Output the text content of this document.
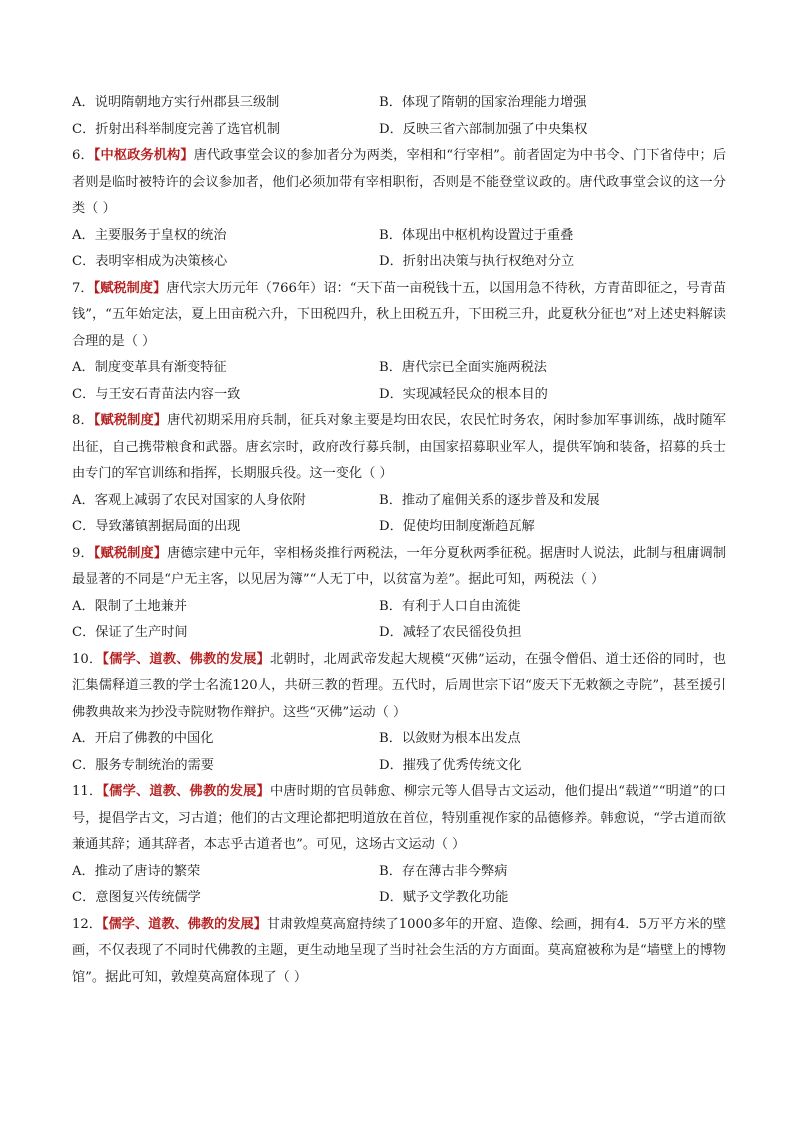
A．说明隋朝地方实行州郡县三级制	B．体现了隋朝的国家治理能力增强
C．折射出科举制度完善了选官机制	D．反映三省六部制加强了中央集权
6．【中枢政务机构】唐代政事堂会议的参加者分为两类，宰相和“行宰相”。前者固定为中书令、门下省侍中；后者则是临时被特许的会议参加者，他们必须加带有宰相职衔，否则是不能登堂议政的。唐代政事堂会议的这一分类（ ）
A．主要服务于皇权的统治	B．体现出中枢机构设置过于重叠
C．表明宰相成为决策核心	D．折射出决策与执行权绝对分立
7．【赋税制度】唐代宗大历元年（766年）诏：“天下苗一亩税钱十五，以国用急不待秋，方青苗即征之，号青苗钱”，“五年始定法，夏上田亩税六升，下田税四升，秋上田税五升，下田税三升，此夏秋分征也”对上述史料解读合理的是（ ）
A．制度变革具有渐变特征	B．唐代宗已全面实施两税法
C．与王安石青苗法内容一致	D．实现减轻民众的根本目的
8．【赋税制度】唐代初期采用府兵制，征兵对象主要是均田农民，农民忙时务农，闲时参加军事训练，战时随军出征，自己携带粮食和武器。唐玄宗时，政府改行募兵制，由国家招募职业军人，提供军饷和装备，招募的兵士由专门的军官训练和指挥，长期服兵役。这一变化（ ）
A．客观上减弱了农民对国家的人身依附	B．推动了雇佣关系的逐步普及和发展
C．导致藩镇割据局面的出现	D．促使均田制度渐趋瓦解
9．【赋税制度】唐德宗建中元年，宰相杨炎推行两税法，一年分夏秋两季征税。据唐时人说法，此制与租庸调制最显著的不同是“户无主客，以见居为簿”“人无丁中，以贫富为差”。据此可知，两税法（ ）
A．限制了土地兼并	B．有利于人口自由流徙
C．保证了生产时间	D．减轻了农民徭役负担
10．【儒学、道教、佛教的发展】北朝时，北周武帝发起大规模“灭佛”运动，在强令僧侣、道士还俗的同时，也汇集儒释道三教的学士名流120人，共研三教的哲理。五代时，后周世宗下诏“废天下无敕额之寺院”，甚至援引佛教典故来为抄没寺院财物作辩护。这些“灭佛”运动（ ）
A．开启了佛教的中国化	B．以敛财为根本出发点
C．服务专制统治的需要	D．摧残了优秀传统文化
11．【儒学、道教、佛教的发展】中唐时期的官员韩愈、柳宗元等人倡导古文运动，他们提出“载道”“明道”的口号，提倡学古文，习古道；他们的古文理论都把明道放在首位，特别重视作家的品德修养。韩愈说，“学古道而欲兼通其辞；通其辞者，本志乎古道者也”。可见，这场古文运动（ ）
A．推动了唐诗的繁荣	B．存在薄古非今弊病
C．意图复兴传统儒学	D．赋予文学教化功能
12．【儒学、道教、佛教的发展】甘肃敦煌莫高窟持续了1000多年的开窟、造像、绘画，拥有4．5万平方米的壁画，不仅表现了不同时代佛教的主题，更生动地呈现了当时社会生活的方方面面。莫高窟被称为是“墙壁上的博物馆”。据此可知，敦煌莫高窟体现了（ ）
